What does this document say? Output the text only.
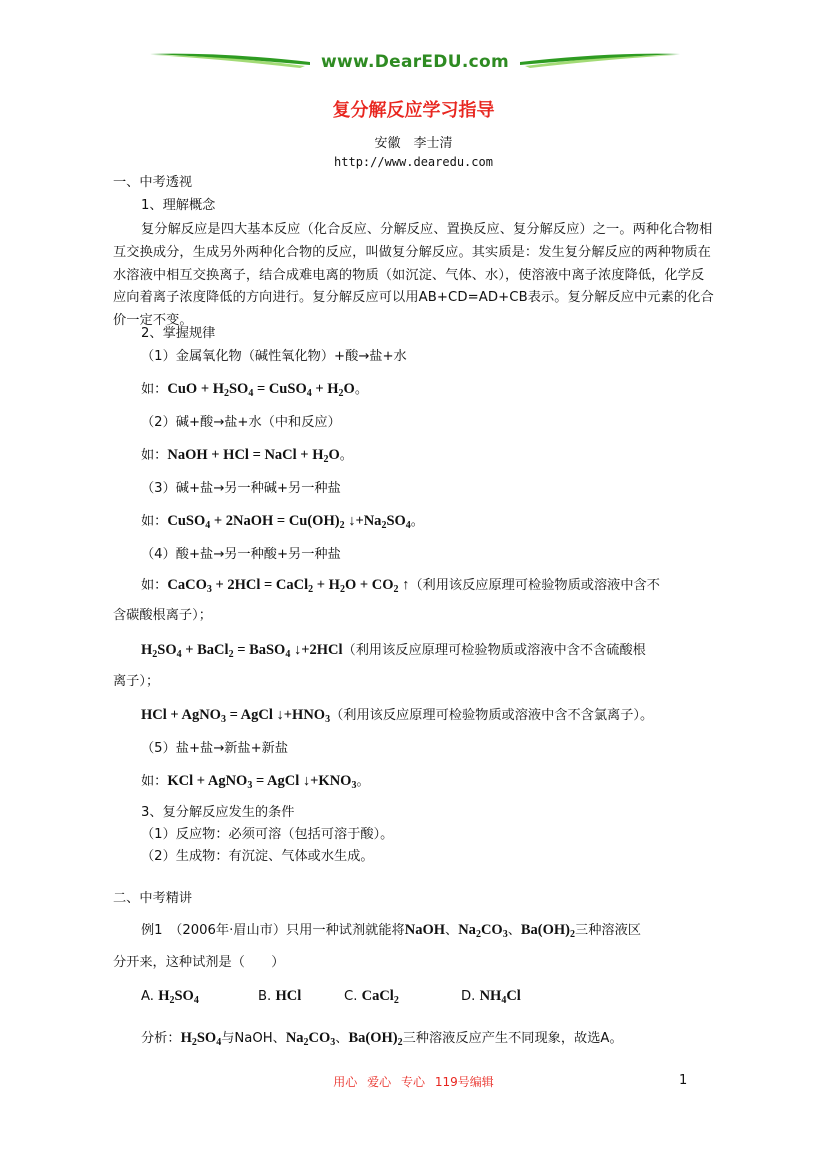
www.DearEDU.com
复分解反应学习指导
安徽　李士清
http://www.dearedu.com
一、中考透视
1、理解概念
复分解反应是四大基本反应（化合反应、分解反应、置换反应、复分解反应）之一。两种化合物相互交换成分，生成另外两种化合物的反应，叫做复分解反应。其实质是：发生复分解反应的两种物质在水溶液中相互交换离子，结合成难电离的物质（如沉淀、气体、水），使溶液中离子浓度降低，化学反应向着离子浓度降低的方向进行。复分解反应可以用AB+CD=AD+CB表示。复分解反应中元素的化合价一定不变。
2、掌握规律
（1）金属氧化物（碱性氧化物）+酸→盐+水
如：CuO + $H_2SO_4$ = CuSO$_4$ + $H_2O$。
（2）碱+酸→盐+水（中和反应）
如：NaOH + HCl = NaCl + $H_2O$。
（3）碱+盐→另一种碱+另一种盐
如：CuSO$_4$ + 2NaOH = $Cu(OH)_2$ $↓+Na_2SO_4$。
（4）酸+盐→另一种酸+另一种盐
如：CaCO$_3$ + 2HCl = CaCl$_2$ + $H_2O + CO_2$ ↑（利用该反应原理可检验物质或溶液中含不
含碳酸根离子）；
$H_2SO_4$ + BaCl$_2$ = BaSO$_4$ ↓+2HCl（利用该反应原理可检验物质或溶液中含不含硫酸根
离子）；
HCl + AgNO$_3$ = AgCl $↓+HNO_3$（利用该反应原理可检验物质或溶液中含不含氯离子）。
（5）盐+盐→新盐+新盐
如：KCl + AgNO$_3$ = AgCl $↓+KNO_3$。
3、复分解反应发生的条件
（1）反应物：必须可溶（包括可溶于酸）。
（2）生成物：有沉淀、气体或水生成。
二、中考精讲
例1　（2006年·眉山市）只用一种试剂就能将NaOH、$Na_2CO_3$、$Ba(OH)_2$三种溶液区
分开来，这种试剂是（　　）
A. $H_2SO_4$	B. HCl	C. CaCl$_2$	D. $NH_4Cl$
分析：$H_2SO_4$与NaOH、$Na_2CO_3$、$Ba(OH)_2$三种溶液反应产生不同现象，故选A。
用心 爱心 专心 119号编辑	1
